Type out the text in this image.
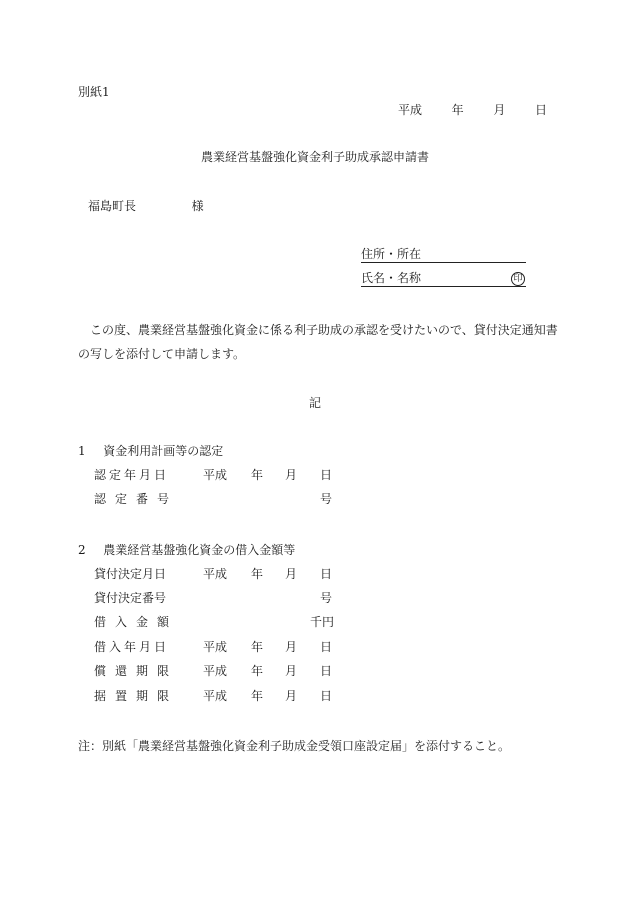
別紙1
平成 年 月 日
農業経営基盤強化資金利子助成承認申請書
福島町長	様
住所・所在
氏名・名称	印
この度、農業経営基盤強化資金に係る利子助成の承認を受けたいので、貸付決定通知書
の写しを添付して申請します。
記
1 資金利用計画等の認定
認定年月日	平成 年 月 日
認定番号	号
2 農業経営基盤強化資金の借入金額等
貸付決定月日	平成 年 月 日
貸付決定番号	号
借入金額	千円
借入年月日	平成 年 月 日
償還期限 平成 年 月 日
据置期限 平成 年 月 日
注：別紙「農業経営基盤強化資金利子助成金受領口座設定届」を添付すること。
